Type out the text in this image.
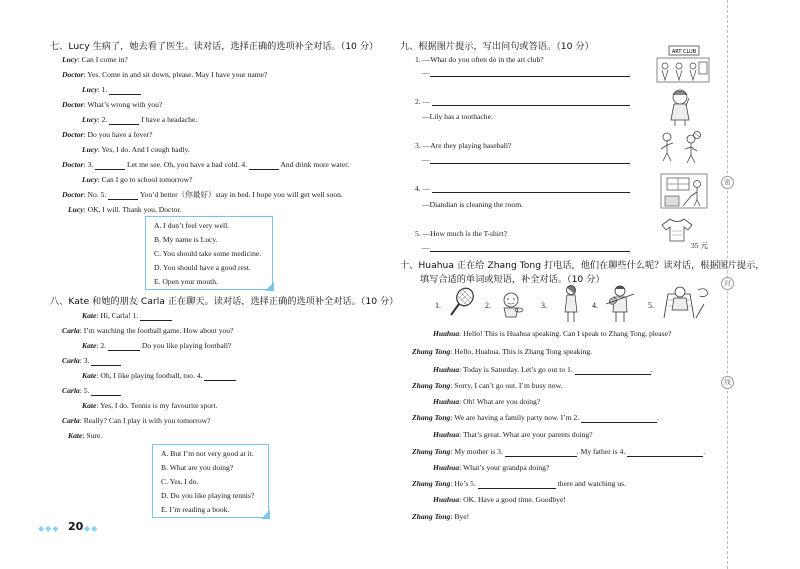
七、Lucy 生病了，她去看了医生。读对话，选择正确的选项补全对话。（10 分）
Lucy: Can I come in?
Doctor: Yes. Come in and sit down, please. May I have your name?
Lucy: 1.
Doctor: What’s wrong with you?
Lucy: 2.	I have a headache.
Doctor: Do you have a fever?
Lucy: Yes, I do. And I cough badly.
Doctor: 3.	Let me see. Oh, you have a bad cold. 4.	And drink more water.
Lucy: Can I go to school tomorrow?
Doctor: No. 5.	You’d better（你最好）stay in bed. I hope you will get well soon.
Lucy: OK, I will. Thank you, Doctor.
A. I don’t feel very well.
B. My name is Lucy.
C. You should take some medicine.
D. You should have a good rest.
E. Open your mouth.
八、Kate 和她的朋友 Carla 正在聊天。读对话，选择正确的选项补全对话。（10 分）
Kate: Hi, Carla! 1.
Carla: I’m watching the football game. How about you?
Kate: 2.	Do you like playing football?
Carla: 3.
Kate: Oh, I like playing football, too. 4.
Carla: 5.
Kate: Yes, I do. Tennis is my favourite sport.
Carla: Really? Can I play it with you tomorrow?
Kate: Sure.
A. But I’m not very good at it.
B. What are you doing?
C. Yes, I do.
D. Do you like playing tennis?
E. I’m reading a book.
◆◆◆ 20 ◆◆
九、根据图片提示，写出问句或答语。（10 分）
1. —What do you often do in the art club?
—
2. —
—Lily has a toothache.
3. —Are they playing baseball?
—
4. —
—Diandian is cleaning the room.
5. —How much is the T-shirt?
—
ART CLUB
35 元
十、Huahua 正在给 Zhang Tong 打电话，他们在聊些什么呢？读对话，根据图片提示，
填写合适的单词或短语，补全对话。（10 分）
1.	2.	3.	4.	5.
Huahua: Hello! This is Huahua speaking. Can I speak to Zhang Tong, please?
Zhang Tong: Hello, Huahua. This is Zhang Tong speaking.
Huahua: Today is Saturday. Let’s go out to 1.	.
Zhang Tong: Sorry, I can’t go out. I’m busy now.
Huahua: Oh! What are you doing?
Zhang Tong: We are having a family party now. I’m 2.	.
Huahua: That’s great. What are your parents doing?
Zhang Tong: My mother is 3.	. My father is 4.	.
Huahua: What’s your grandpa doing?
Zhang Tong: He’s 5.	there and watching us.
Huahua: OK. Have a good time. Goodbye!
Zhang Tong: Bye!
密
封
线
